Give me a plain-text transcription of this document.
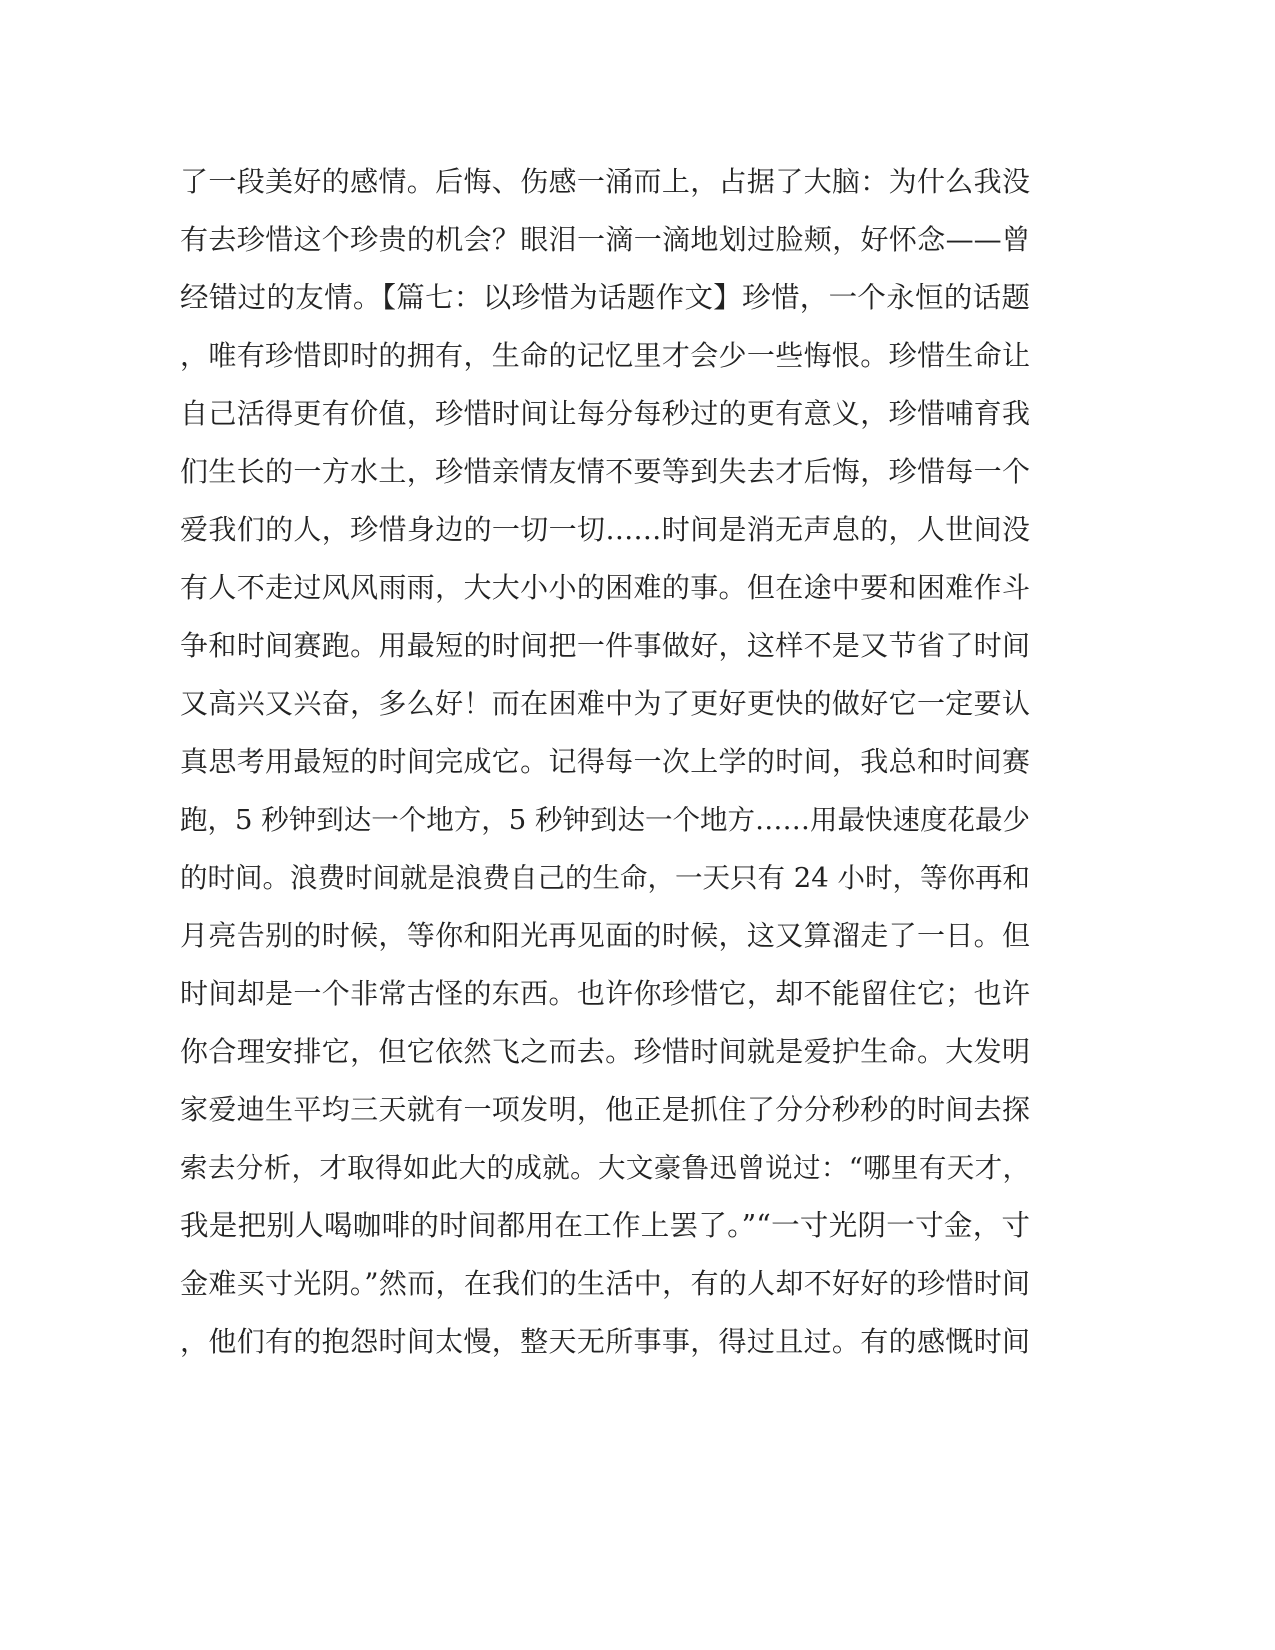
了一段美好的感情。后悔、伤感一涌而上，占据了大脑：为什么我没
有去珍惜这个珍贵的机会？眼泪一滴一滴地划过脸颊，好怀念——曾
经错过的友情。【篇七：以珍惜为话题作文】珍惜，一个永恒的话题
，唯有珍惜即时的拥有，生命的记忆里才会少一些悔恨。珍惜生命让
自己活得更有价值，珍惜时间让每分每秒过的更有意义，珍惜哺育我
们生长的一方水土，珍惜亲情友情不要等到失去才后悔，珍惜每一个
爱我们的人，珍惜身边的一切一切……时间是消无声息的，人世间没
有人不走过风风雨雨，大大小小的困难的事。但在途中要和困难作斗
争和时间赛跑。用最短的时间把一件事做好，这样不是又节省了时间
又高兴又兴奋，多么好！而在困难中为了更好更快的做好它一定要认
真思考用最短的时间完成它。记得每一次上学的时间，我总和时间赛
跑，5 秒钟到达一个地方，5 秒钟到达一个地方……用最快速度花最少
的时间。浪费时间就是浪费自己的生命，一天只有 24 小时，等你再和
月亮告别的时候，等你和阳光再见面的时候，这又算溜走了一日。但
时间却是一个非常古怪的东西。也许你珍惜它，却不能留住它；也许
你合理安排它，但它依然飞之而去。珍惜时间就是爱护生命。大发明
家爱迪生平均三天就有一项发明，他正是抓住了分分秒秒的时间去探
索去分析，才取得如此大的成就。大文豪鲁迅曾说过：“哪里有天才，
我是把别人喝咖啡的时间都用在工作上罢了。”“一寸光阴一寸金，寸
金难买寸光阴。”然而，在我们的生活中，有的人却不好好的珍惜时间
，他们有的抱怨时间太慢，整天无所事事，得过且过。有的感慨时间
